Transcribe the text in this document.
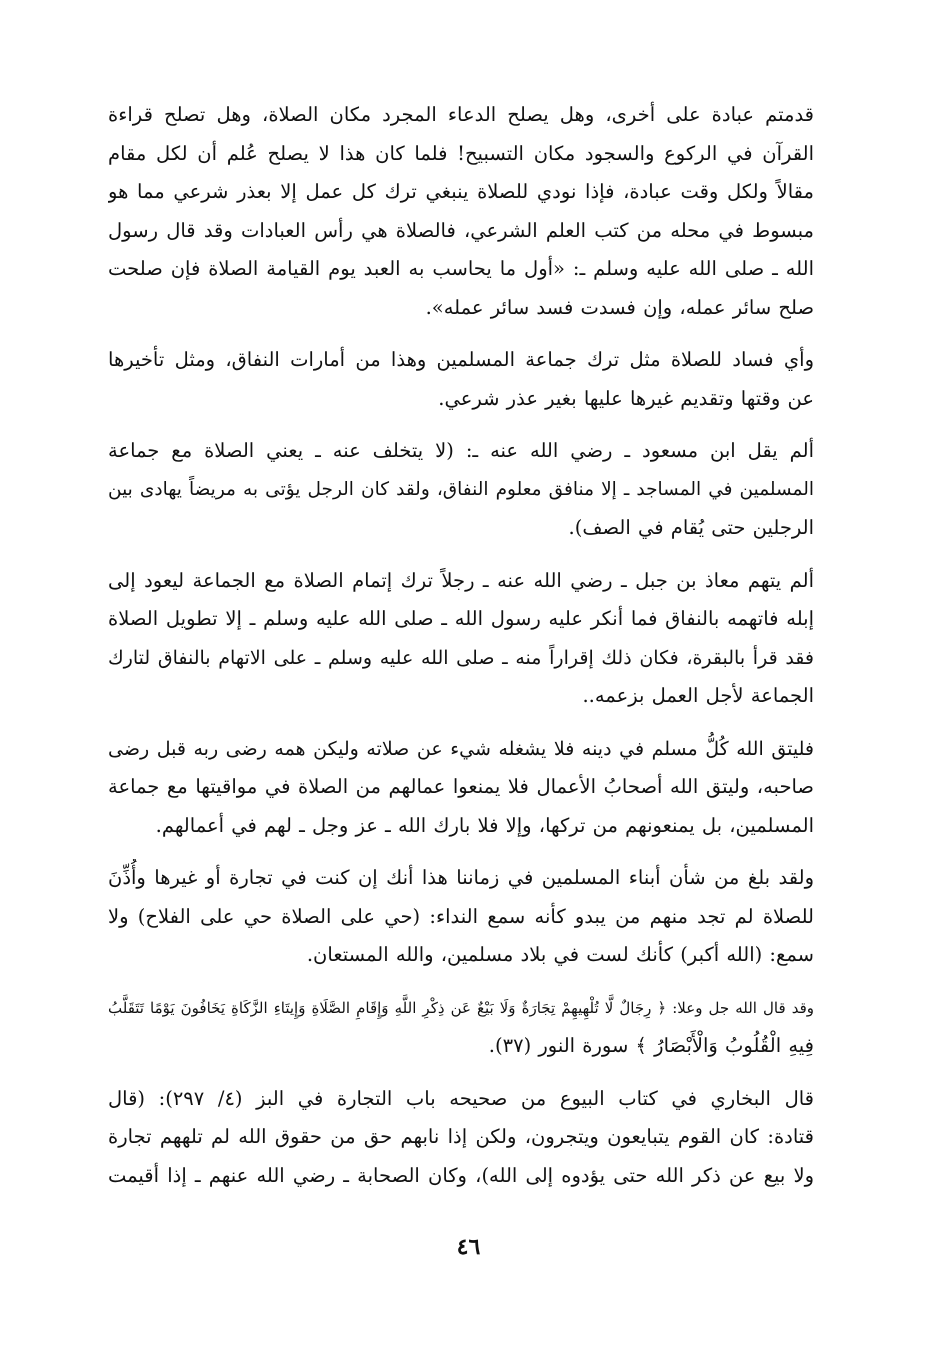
قدمتم عبادة على أخرى، وهل يصلح الدعاء المجرد مكان الصلاة، وهل تصلح قراءة
القرآن في الركوع والسجود مكان التسبيح! فلما كان هذا لا يصلح عُلم أن لكل مقام
مقالاً ولكل وقت عبادة، فإذا نودي للصلاة ينبغي ترك كل عمل إلا بعذر شرعي مما هو
مبسوط في محله من كتب العلم الشرعي، فالصلاة هي رأس العبادات وقد قال رسول
الله ـ صلى الله عليه وسلم ـ: «أول ما يحاسب به العبد يوم القيامة الصلاة فإن صلحت
صلح سائر عمله، وإن فسدت فسد سائر عمله».

وأي فساد للصلاة مثل ترك جماعة المسلمين وهذا من أمارات النفاق، ومثل تأخيرها
عن وقتها وتقديم غيرها عليها بغير عذر شرعي.

ألم يقل ابن مسعود ـ رضي الله عنه ـ: (لا يتخلف عنه ـ يعني الصلاة مع جماعة
المسلمين في المساجد ـ إلا منافق معلوم النفاق، ولقد كان الرجل يؤتى به مريضاً يهادى بين
الرجلين حتى يُقام في الصف).

ألم يتهم معاذ بن جبل ـ رضي الله عنه ـ رجلاً ترك إتمام الصلاة مع الجماعة ليعود إلى
إبله فاتهمه بالنفاق فما أنكر عليه رسول الله ـ صلى الله عليه وسلم ـ إلا تطويل الصلاة
فقد قرأ بالبقرة، فكان ذلك إقراراً منه ـ صلى الله عليه وسلم ـ على الاتهام بالنفاق لتارك
الجماعة لأجل العمل بزعمه..

فليتق الله كُلُّ مسلم في دينه فلا يشغله شيء عن صلاته وليكن همه رضى ربه قبل رضى
صاحبه، وليتق الله أصحابُ الأعمال فلا يمنعوا عمالهم من الصلاة في مواقيتها مع جماعة
المسلمين، بل يمنعونهم من تركها، وإلا فلا بارك الله ـ عز وجل ـ لهم في أعمالهم.

ولقد بلغ من شأن أبناء المسلمين في زماننا هذا أنك إن كنت في تجارة أو غيرها وأُذِّنَ
للصلاة لم تجد منهم من يبدو كأنه سمع النداء: (حي على الصلاة حي على الفلاح) ولا
سمع: (الله أكبر) كأنك لست في بلاد مسلمين، والله المستعان.

وقد قال الله جل وعلا: ﴿ رِجَالٌ لَّا تُلْهِيهِمْ تِجَارَةٌ وَلَا بَيْعٌ عَن ذِكْرِ اللَّهِ وَإِقَامِ الصَّلَاةِ وَإِيتَاءِ الزَّكَاةِ يَخَافُونَ يَوْمًا تَتَقَلَّبُ
فِيهِ الْقُلُوبُ وَالْأَبْصَارُ ﴾ سورة النور (٣٧).

قال البخاري في كتاب البيوع من صحيحه باب التجارة في البز (٤/ ٢٩٧): (قال
قتادة: كان القوم يتبايعون ويتجرون، ولكن إذا نابهم حق من حقوق الله لم تلههم تجارة
ولا بيع عن ذكر الله حتى يؤدوه إلى الله)، وكان الصحابة ـ رضي الله عنهم ـ إذا أقيمت

٤٦
